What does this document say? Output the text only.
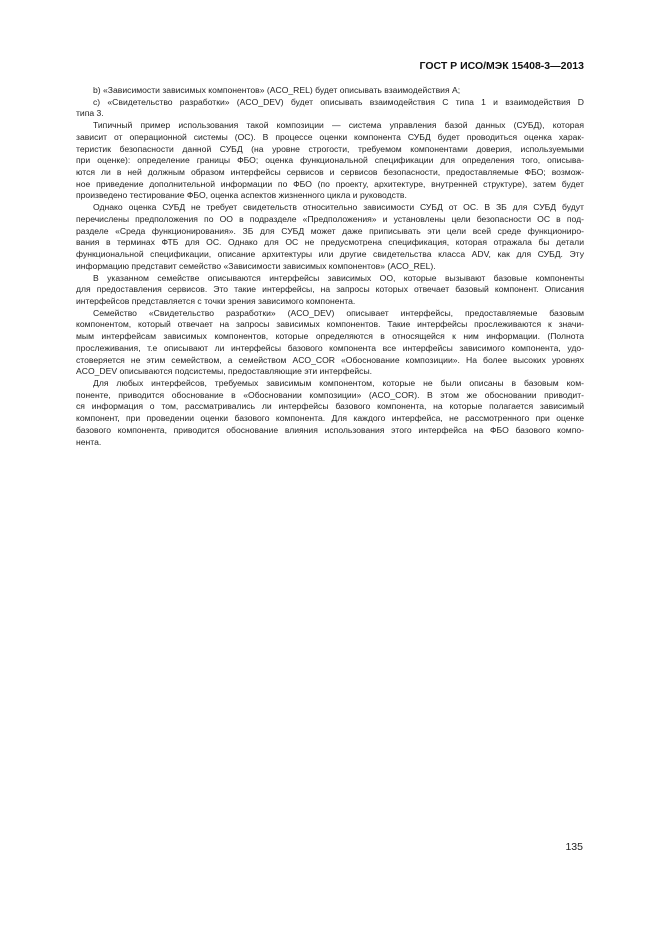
ГОСТ Р ИСО/МЭК 15408-3—2013
b) «Зависимости зависимых компонентов» (ACO_REL) будет описывать взаимодействия А;
c) «Свидетельство разработки» (ACO_DEV) будет описывать взаимодействия С типа 1 и взаимодействия D
типа 3.
Типичный пример использования такой композиции — система управления базой данных (СУБД), которая
зависит от операционной системы (ОС). В процессе оценки компонента СУБД будет проводиться оценка харак-
теристик безопасности данной СУБД (на уровне строгости, требуемом компонентами доверия, используемыми
при оценке): определение границы ФБО; оценка функциональной спецификации для определения того, описыва-
ются ли в ней должным образом интерфейсы сервисов и сервисов безопасности, предоставляемые ФБО; возмож-
ное приведение дополнительной информации по ФБО (по проекту, архитектуре, внутренней структуре), затем будет
произведено тестирование ФБО, оценка аспектов жизненного цикла и руководств.
Однако оценка СУБД не требует свидетельств относительно зависимости СУБД от ОС. В ЗБ для СУБД будут
перечислены предположения по ОО в подразделе «Предположения» и установлены цели безопасности ОС в под-
разделе «Среда функционирования». ЗБ для СУБД может даже приписывать эти цели всей среде функциониро-
вания в терминах ФТБ для ОС. Однако для ОС не предусмотрена спецификация, которая отражала бы детали
функциональной спецификации, описание архитектуры или другие свидетельства класса ADV, как для СУБД. Эту
информацию представит семейство «Зависимости зависимых компонентов» (ACO_REL).
В указанном семействе описываются интерфейсы зависимых ОО, которые вызывают базовые компоненты
для предоставления сервисов. Это такие интерфейсы, на запросы которых отвечает базовый компонент. Описания
интерфейсов представляется с точки зрения зависимого компонента.
Семейство «Свидетельство разработки» (ACO_DEV) описывает интерфейсы, предоставляемые базовым
компонентом, который отвечает на запросы зависимых компонентов. Такие интерфейсы прослеживаются к значи-
мым интерфейсам зависимых компонентов, которые определяются в относящейся к ним информации. (Полнота
прослеживания, т.е описывают ли интерфейсы базового компонента все интерфейсы зависимого компонента, удо-
стоверяется не этим семейством, а семейством ACO_COR «Обоснование композиции». На более высоких уровнях
ACO_DEV описываются подсистемы, предоставляющие эти интерфейсы.
Для любых интерфейсов, требуемых зависимым компонентом, которые не были описаны в базовым ком-
поненте, приводится обоснование в «Обосновании композиции» (ACO_COR). В этом же обосновании приводит-
ся информация о том, рассматривались ли интерфейсы базового компонента, на которые полагается зависимый
компонент, при проведении оценки базового компонента. Для каждого интерфейса, не рассмотренного при оценке
базового компонента, приводится обоснование влияния использования этого интерфейса на ФБО базового компо-
нента.
135
